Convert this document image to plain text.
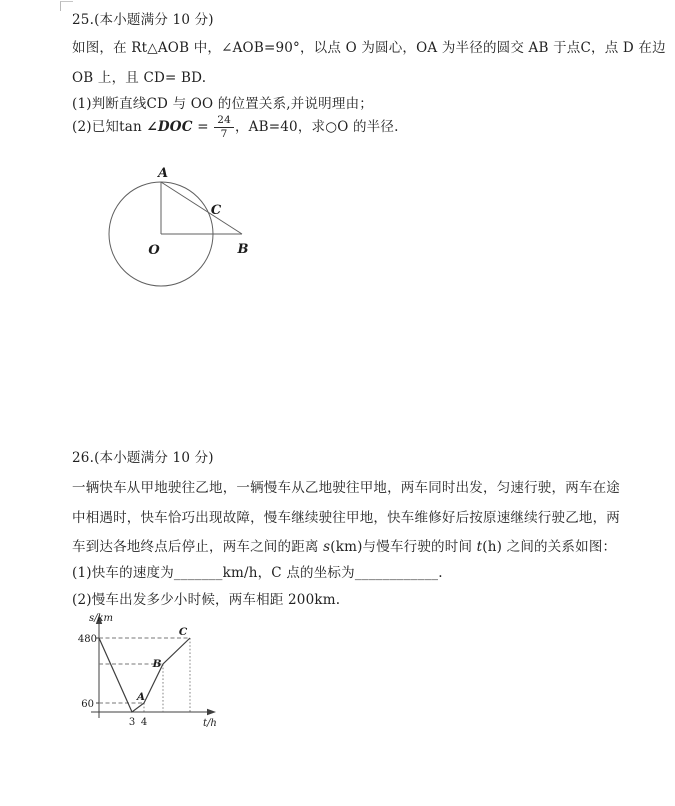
25.(本小题满分 10 分)
如图，在 Rt△AOB 中，∠AOB=90°，以点 O 为圆心，OA 为半径的圆交 AB 于点C，点 D 在边
OB 上，且 CD= BD.
(1)判断直线CD 与 OO 的位置关系,并说明理由；
(2)已知tan ∠DOC = $\frac{24}{7}$ ，AB=40，求○O 的半径.
A
C
O	B
26.(本小题满分 10 分)
一辆快车从甲地驶往乙地，一辆慢车从乙地驶往甲地，两车同时出发，匀速行驶，两车在途
中相遇时，快车恰巧出现故障，慢车继续驶往甲地，快车维修好后按原速继续行驶乙地，两
车到达各地终点后停止，两车之间的距离 s(km)与慢车行驶的时间 t(h) 之间的关系如图：
(1)快车的速度为_______km/h，C 点的坐标为____________.
(2)慢车出发多少小时候，两车相距 200km.
s/km
t/h
480
60
3 4
A
B
C
